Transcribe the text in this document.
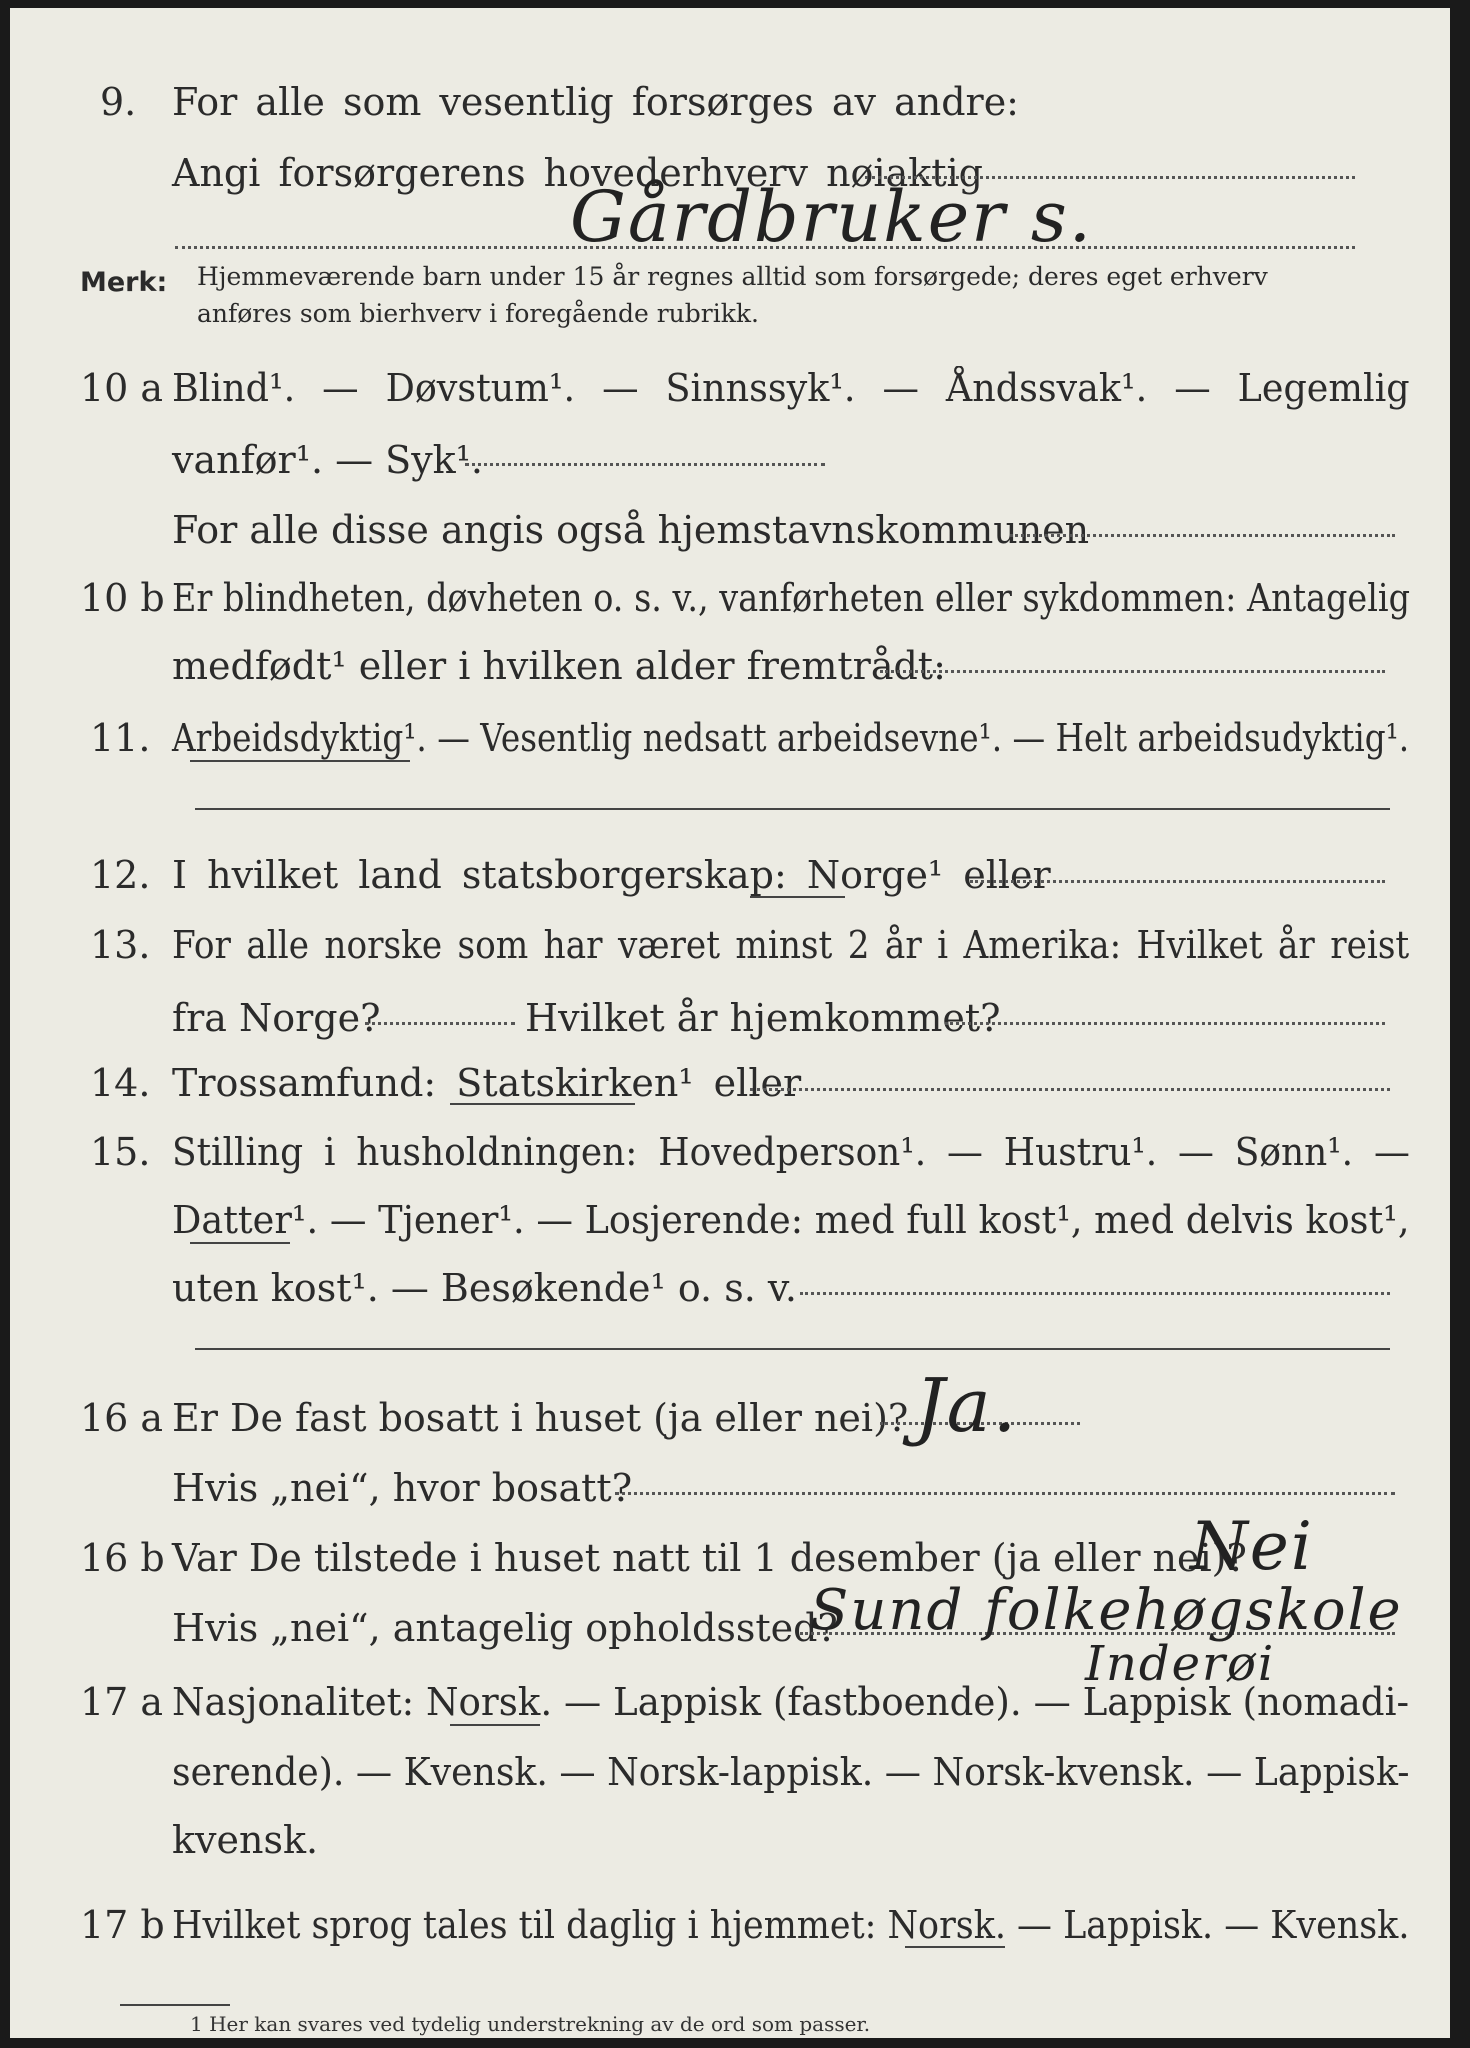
9. For alle som vesentlig forsørges av andre:
Angi forsørgerens hovederhverv nøiaktig
Gårdbruker s.
Merk: Hjemmeværende barn under 15 år regnes alltid som forsørgede; deres eget erhverv
anføres som bierhverv i foregående rubrikk.
10 a Blind¹. — Døvstum¹. — Sinnssyk¹. — Åndssvak¹. — Legemlig
vanfør¹. — Syk¹.
For alle disse angis også hjemstavnskommunen
10 b Er blindheten, døvheten o. s. v., vanførheten eller sykdommen: Antagelig
medfødt¹ eller i hvilken alder fremtrådt:
11. Arbeidsdyktig¹. — Vesentlig nedsatt arbeidsevne¹. — Helt arbeidsudyktig¹.
12. I hvilket land statsborgerskap: Norge¹ eller
13. For alle norske som har været minst 2 år i Amerika: Hvilket år reist
fra Norge?	Hvilket år hjemkommet?
14. Trossamfund: Statskirken¹ eller
15. Stilling i husholdningen: Hovedperson¹. — Hustru¹. — Sønn¹. —
Datter¹. — Tjener¹. — Losjerende: med full kost¹, med delvis kost¹,
uten kost¹. — Besøkende¹ o. s. v.
16 a Er De fast bosatt i huset (ja eller nei)? Ja.
Hvis „nei“, hvor bosatt?
16 b Var De tilstede i huset natt til 1 desember (ja eller nei)?
Nei
Hvis „nei“, antagelig opholdssted?
Sund folkehøgskole
Inderøi
17 a Nasjonalitet: Norsk. — Lappisk (fastboende). — Lappisk (nomadi-
serende). — Kvensk. — Norsk-lappisk. — Norsk-kvensk. — Lappisk-
kvensk.
17 b Hvilket sprog tales til daglig i hjemmet: Norsk. — Lappisk. — Kvensk.
1 Her kan svares ved tydelig understrekning av de ord som passer.
